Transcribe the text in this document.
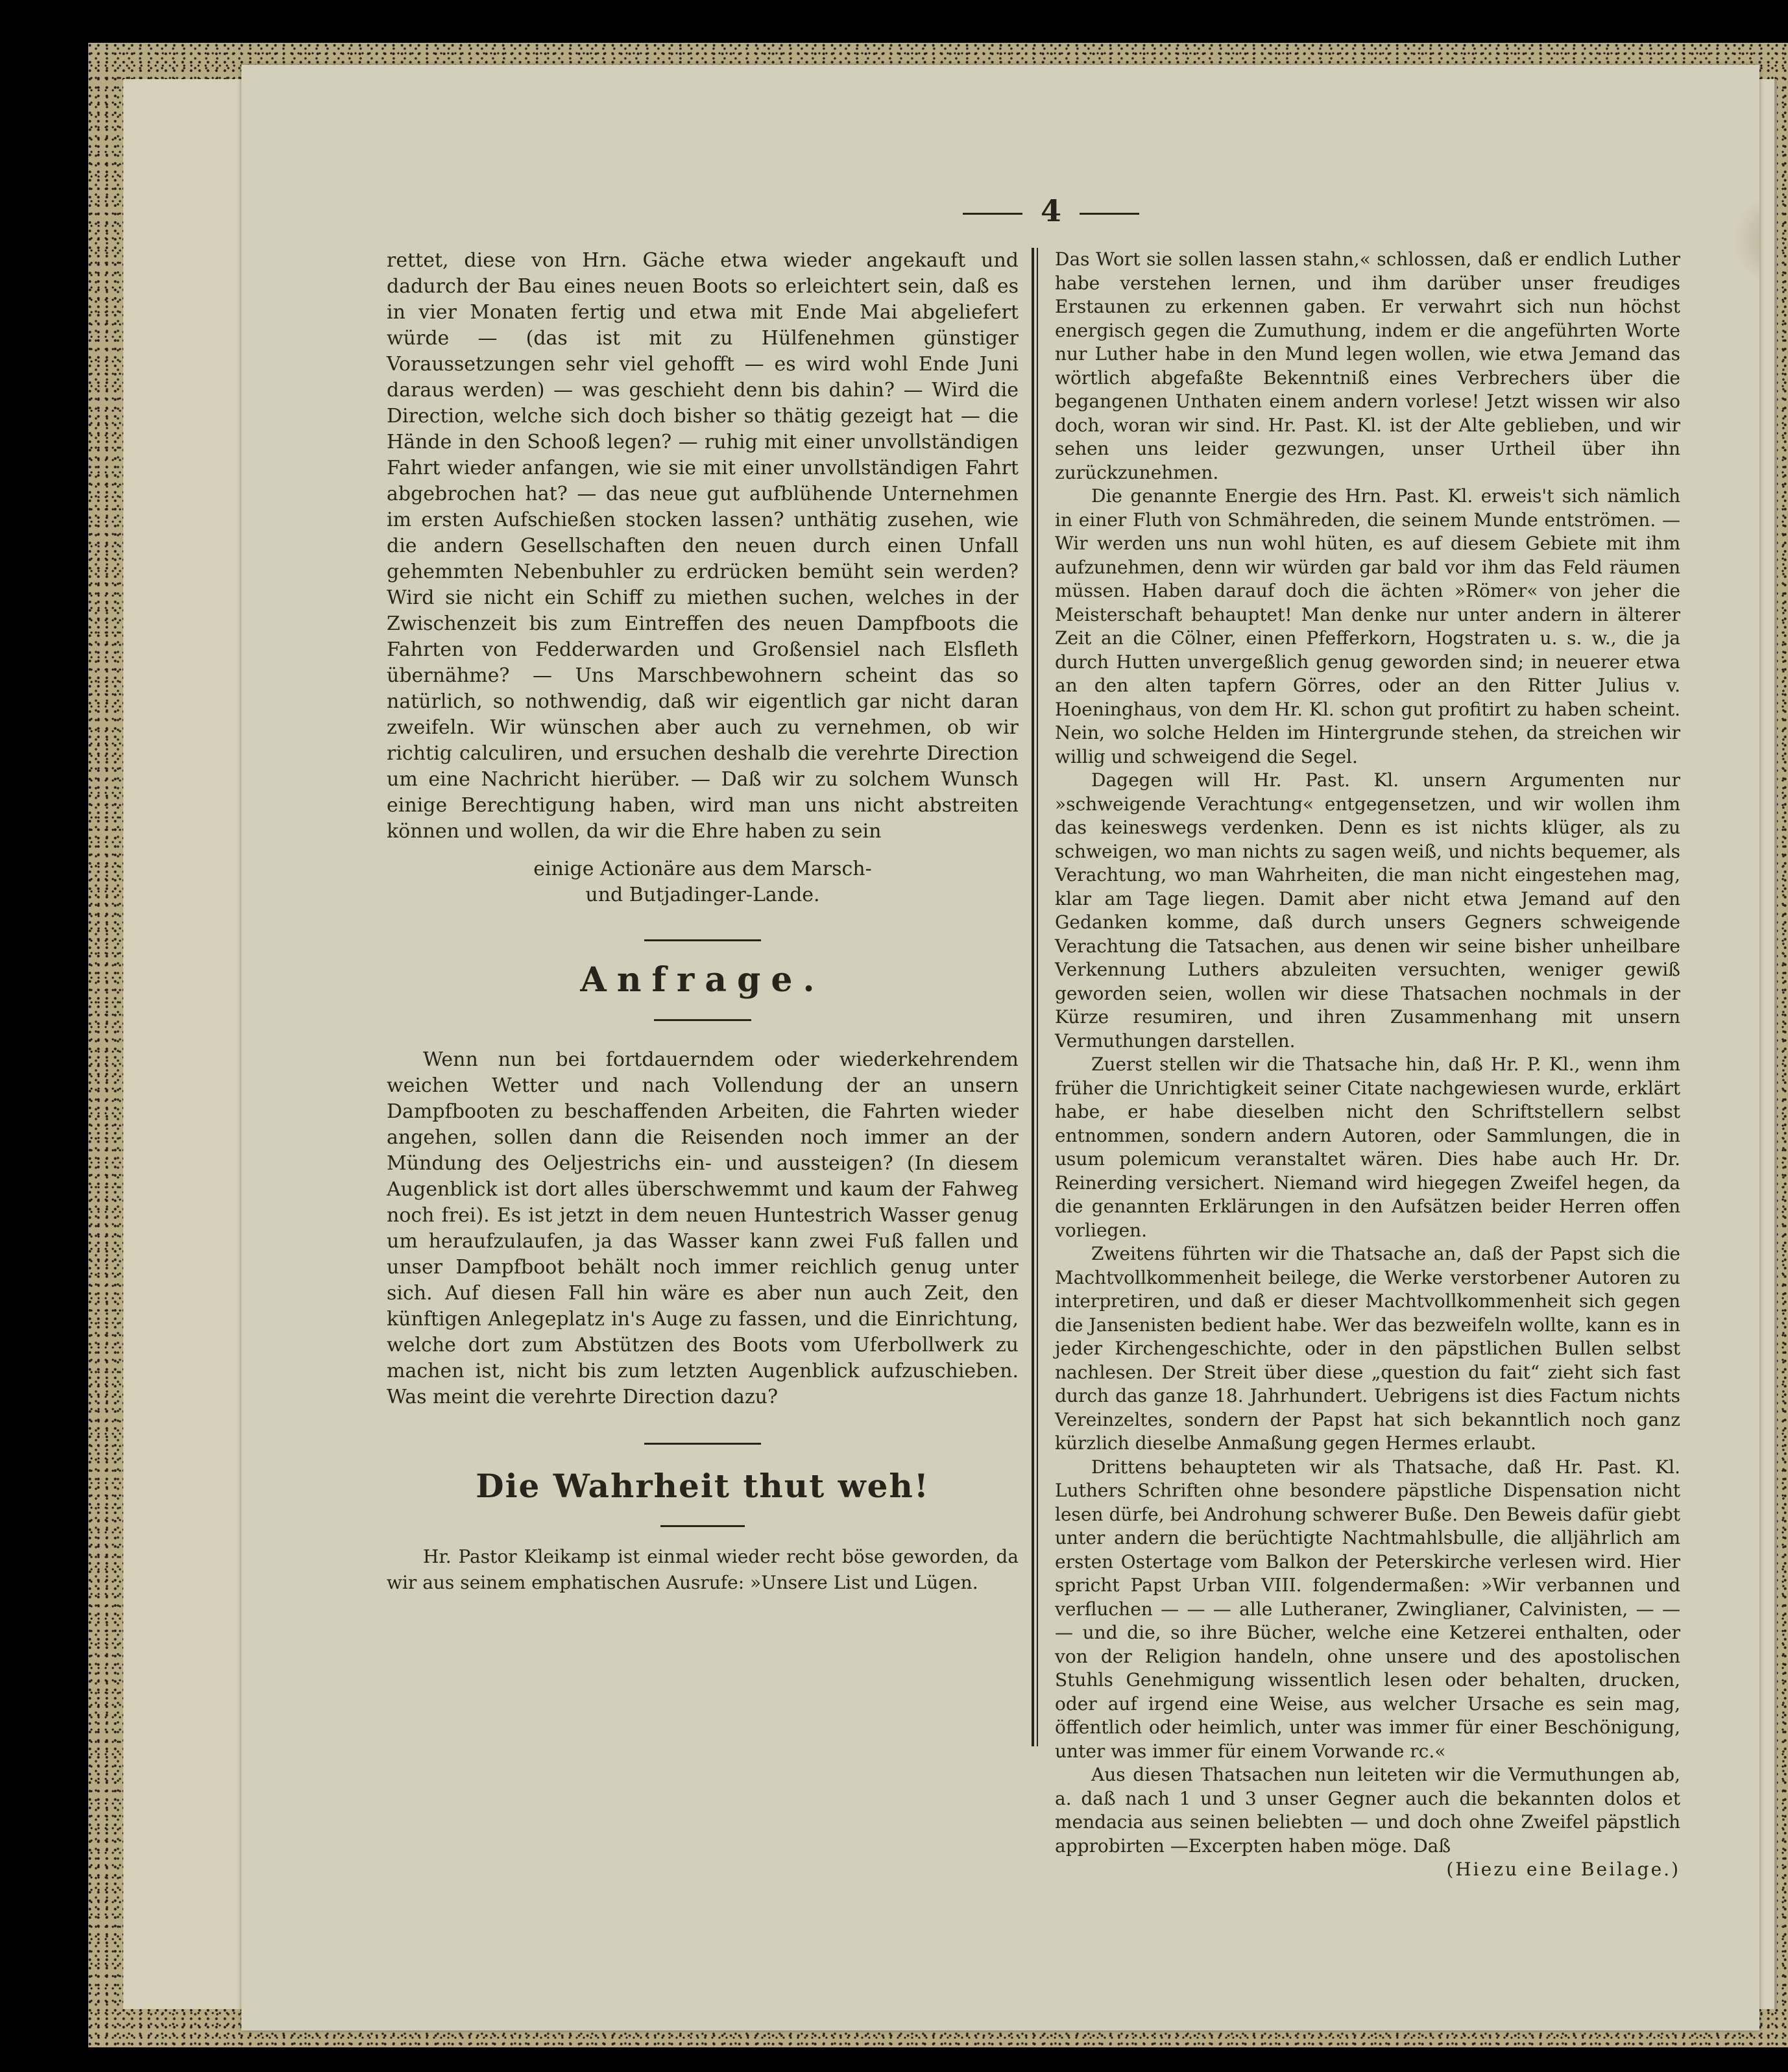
4

rettet, diese von Hrn. Gäche etwa wieder angekauft und dadurch der Bau eines neuen Boots so erleichtert sein, daß es in vier Monaten fertig und etwa mit Ende Mai abgeliefert würde — (das ist mit zu Hülfenehmen günstiger Voraussetzungen sehr viel gehofft — es wird wohl Ende Juni daraus werden) — was geschieht denn bis dahin? — Wird die Direction, welche sich doch bisher so thätig gezeigt hat — die Hände in den Schooß legen? — ruhig mit einer unvollständigen Fahrt wieder anfangen, wie sie mit einer unvollständigen Fahrt abgebrochen hat? — das neue gut aufblühende Unternehmen im ersten Aufschießen stocken lassen? unthätig zusehen, wie die andern Gesellschaften den neuen durch einen Unfall gehemmten Nebenbuhler zu erdrücken bemüht sein werden? Wird sie nicht ein Schiff zu miethen suchen, welches in der Zwischenzeit bis zum Eintreffen des neuen Dampfboots die Fahrten von Fedderwarden und Großensiel nach Elsfleth übernähme? — Uns Marschbewohnern scheint das so natürlich, so nothwendig, daß wir eigentlich gar nicht daran zweifeln. Wir wünschen aber auch zu vernehmen, ob wir richtig calculiren, und ersuchen deshalb die verehrte Direction um eine Nachricht hierüber. — Daß wir zu solchem Wunsch einige Berechtigung haben, wird man uns nicht abstreiten können und wollen, da wir die Ehre haben zu sein

einige Actionäre aus dem Marsch-

und Butjadinger-Lande.

Anfrage.

Wenn nun bei fortdauerndem oder wiederkehrendem weichen Wetter und nach Vollendung der an unsern Dampfbooten zu beschaffenden Arbeiten, die Fahrten wieder angehen, sollen dann die Reisenden noch immer an der Mündung des Oeljestrichs ein- und aussteigen? (In diesem Augenblick ist dort alles überschwemmt und kaum der Fahweg noch frei). Es ist jetzt in dem neuen Huntestrich Wasser genug um heraufzulaufen, ja das Wasser kann zwei Fuß fallen und unser Dampfboot behält noch immer reichlich genug unter sich. Auf diesen Fall hin wäre es aber nun auch Zeit, den künftigen Anlegeplatz in's Auge zu fassen, und die Einrichtung, welche dort zum Abstützen des Boots vom Uferbollwerk zu machen ist, nicht bis zum letzten Augenblick aufzuschieben. Was meint die verehrte Direction dazu?

Die Wahrheit thut weh!

Hr. Pastor Kleikamp ist einmal wieder recht böse geworden, da wir aus seinem emphatischen Ausrufe: »Unsere List und Lügen.

Das Wort sie sollen lassen stahn,« schlossen, daß er endlich Luther habe verstehen lernen, und ihm darüber unser freudiges Erstaunen zu erkennen gaben. Er verwahrt sich nun höchst energisch gegen die Zumuthung, indem er die angeführten Worte nur Luther habe in den Mund legen wollen, wie etwa Jemand das wörtlich abgefaßte Bekenntniß eines Verbrechers über die begangenen Unthaten einem andern vorlese! Jetzt wissen wir also doch, woran wir sind. Hr. Past. Kl. ist der Alte geblieben, und wir sehen uns leider gezwungen, unser Urtheil über ihn zurückzunehmen.

Die genannte Energie des Hrn. Past. Kl. erweis't sich nämlich in einer Fluth von Schmähreden, die seinem Munde entströmen. — Wir werden uns nun wohl hüten, es auf diesem Gebiete mit ihm aufzunehmen, denn wir würden gar bald vor ihm das Feld räumen müssen. Haben darauf doch die ächten »Römer« von jeher die Meisterschaft behauptet! Man denke nur unter andern in älterer Zeit an die Cölner, einen Pfefferkorn, Hogstraten u. s. w., die ja durch Hutten unvergeßlich genug geworden sind; in neuerer etwa an den alten tapfern Görres, oder an den Ritter Julius v. Hoeninghaus, von dem Hr. Kl. schon gut profitirt zu haben scheint. Nein, wo solche Helden im Hintergrunde stehen, da streichen wir willig und schweigend die Segel.

Dagegen will Hr. Past. Kl. unsern Argumenten nur »schweigende Verachtung« entgegensetzen, und wir wollen ihm das keineswegs verdenken. Denn es ist nichts klüger, als zu schweigen, wo man nichts zu sagen weiß, und nichts bequemer, als Verachtung, wo man Wahrheiten, die man nicht eingestehen mag, klar am Tage liegen. Damit aber nicht etwa Jemand auf den Gedanken komme, daß durch unsers Gegners schweigende Verachtung die Tatsachen, aus denen wir seine bisher unheilbare Verkennung Luthers abzuleiten versuchten, weniger gewiß geworden seien, wollen wir diese Thatsachen nochmals in der Kürze resumiren, und ihren Zusammenhang mit unsern Vermuthungen darstellen.

Zuerst stellen wir die Thatsache hin, daß Hr. P. Kl., wenn ihm früher die Unrichtigkeit seiner Citate nachgewiesen wurde, erklärt habe, er habe dieselben nicht den Schriftstellern selbst entnommen, sondern andern Autoren, oder Sammlungen, die in usum polemicum veranstaltet wären. Dies habe auch Hr. Dr. Reinerding versichert. Niemand wird hiegegen Zweifel hegen, da die genannten Erklärungen in den Aufsätzen beider Herren offen vorliegen.

Zweitens führten wir die Thatsache an, daß der Papst sich die Machtvollkommenheit beilege, die Werke verstorbener Autoren zu interpretiren, und daß er dieser Machtvollkommenheit sich gegen die Jansenisten bedient habe. Wer das bezweifeln wollte, kann es in jeder Kirchengeschichte, oder in den päpstlichen Bullen selbst nachlesen. Der Streit über diese „question du fait“ zieht sich fast durch das ganze 18. Jahrhundert. Uebrigens ist dies Factum nichts Vereinzeltes, sondern der Papst hat sich bekanntlich noch ganz kürzlich dieselbe Anmaßung gegen Hermes erlaubt.

Drittens behaupteten wir als Thatsache, daß Hr. Past. Kl. Luthers Schriften ohne besondere päpstliche Dispensation nicht lesen dürfe, bei Androhung schwerer Buße. Den Beweis dafür giebt unter andern die berüchtigte Nachtmahlsbulle, die alljährlich am ersten Ostertage vom Balkon der Peterskirche verlesen wird. Hier spricht Papst Urban VIII. folgendermaßen: »Wir verbannen und verfluchen — — — alle Lutheraner, Zwinglianer, Calvinisten, — — — und die, so ihre Bücher, welche eine Ketzerei enthalten, oder von der Religion handeln, ohne unsere und des apostolischen Stuhls Genehmigung wissentlich lesen oder behalten, drucken, oder auf irgend eine Weise, aus welcher Ursache es sein mag, öffentlich oder heimlich, unter was immer für einer Beschönigung, unter was immer für einem Vorwande rc.«

Aus diesen Thatsachen nun leiteten wir die Vermuthungen ab, a. daß nach 1 und 3 unser Gegner auch die bekannten dolos et mendacia aus seinen beliebten — und doch ohne Zweifel päpstlich approbirten —Excerpten haben möge. Daß

(Hiezu eine Beilage.)
